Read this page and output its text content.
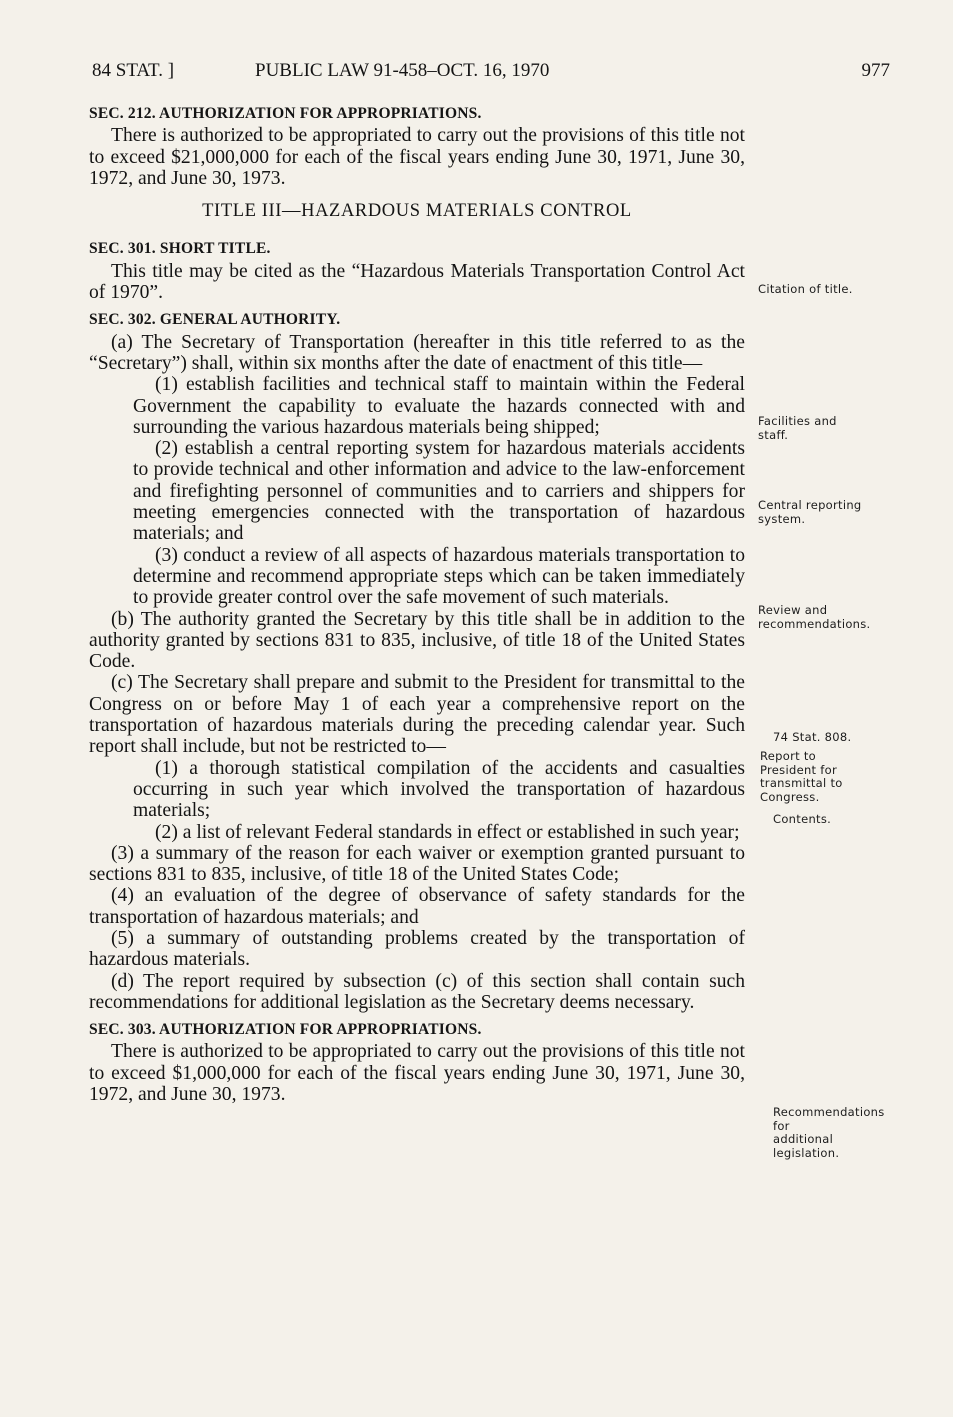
84 STAT. ]	PUBLIC LAW 91-458–OCT. 16, 1970	977
SEC. 212. AUTHORIZATION FOR APPROPRIATIONS.

There is authorized to be appropriated to carry out the provisions of this title not to exceed $21,000,000 for each of the fiscal years ending June 30, 1971, June 30, 1972, and June 30, 1973.

TITLE III—HAZARDOUS MATERIALS CONTROL
SEC. 301. SHORT TITLE.

This title may be cited as the “Hazardous Materials Transportation Control Act of 1970”.

SEC. 302. GENERAL AUTHORITY.

(a) The Secretary of Transportation (hereafter in this title referred to as the “Secretary”) shall, within six months after the date of enactment of this title—

(1) establish facilities and technical staff to maintain within the Federal Government the capability to evaluate the hazards connected with and surrounding the various hazardous materials being shipped;

(2) establish a central reporting system for hazardous materials accidents to provide technical and other information and advice to the law-enforcement and firefighting personnel of communities and to carriers and shippers for meeting emergencies connected with the transportation of hazardous materials; and

(3) conduct a review of all aspects of hazardous materials transportation to determine and recommend appropriate steps which can be taken immediately to provide greater control over the safe movement of such materials.

(b) The authority granted the Secretary by this title shall be in addition to the authority granted by sections 831 to 835, inclusive, of title 18 of the United States Code.

(c) The Secretary shall prepare and submit to the President for transmittal to the Congress on or before May 1 of each year a comprehensive report on the transportation of hazardous materials during the preceding calendar year. Such report shall include, but not be restricted to—

(1) a thorough statistical compilation of the accidents and casualties occurring in such year which involved the transportation of hazardous materials;

(2) a list of relevant Federal standards in effect or established in such year;

(3) a summary of the reason for each waiver or exemption granted pursuant to sections 831 to 835, inclusive, of title 18 of the United States Code;

(4) an evaluation of the degree of observance of safety standards for the transportation of hazardous materials; and

(5) a summary of outstanding problems created by the transportation of hazardous materials.

(d) The report required by subsection (c) of this section shall contain such recommendations for additional legislation as the Secretary deems necessary.

SEC. 303. AUTHORIZATION FOR APPROPRIATIONS.

There is authorized to be appropriated to carry out the provisions of this title not to exceed $1,000,000 for each of the fiscal years ending June 30, 1971, June 30, 1972, and June 30, 1973.

Citation of title.
Facilities and staff.
Central reporting system.
Review and recommendations.
74 Stat. 808.
Report to President for transmittal to Congress.
Contents.
Recommendations for additional legislation.
